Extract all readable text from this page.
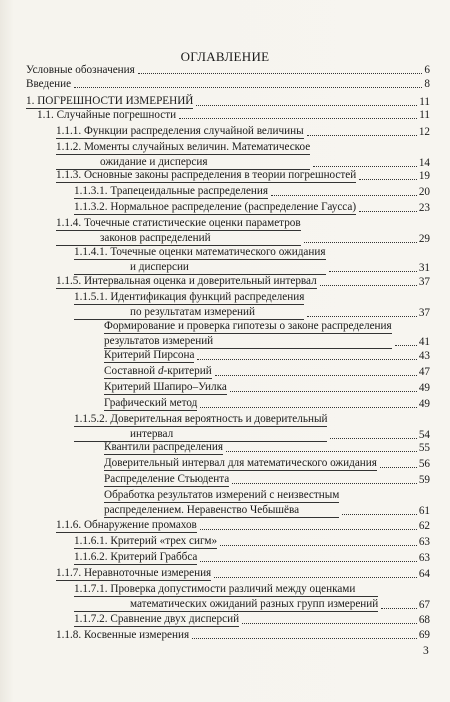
ОГЛАВЛЕНИЕ
Условные обозначения	6
Введение	8
1. ПОГРЕШНОСТИ ИЗМЕРЕНИЙ	11
1.1. Случайные погрешности	11
1.1.1. Функции распределения случайной величины	12
1.1.2. Моменты случайных величин. Математическое
ожидание и дисперсия	14
1.1.3. Основные законы распределения в теории погрешностей	19
1.1.3.1. Трапецеидальные распределения	20
1.1.3.2. Нормальное распределение (распределение Гаусса)	23
1.1.4. Точечные статистические оценки параметров
законов распределений	29
1.1.4.1. Точечные оценки математического ожидания
и дисперсии	31
1.1.5. Интервальная оценка и доверительный интервал	37
1.1.5.1. Идентификация функций распределения
по результатам измерений	37
Формирование и проверка гипотезы о законе распределения
результатов измерений	41
Критерий Пирсона	43
Составной d-критерий	47
Критерий Шапиро–Уилка	49
Графический метод	49
1.1.5.2. Доверительная вероятность и доверительный
интервал	54
Квантили распределения	55
Доверительный интервал для математического ожидания	56
Распределение Стьюдента	59
Обработка результатов измерений с неизвестным
распределением. Неравенство Чебышёва	61
1.1.6. Обнаружение промахов	62
1.1.6.1. Критерий «трех сигм»	63
1.1.6.2. Критерий Граббса	63
1.1.7. Неравноточные измерения	64
1.1.7.1. Проверка допустимости различий между оценками
математических ожиданий разных групп измерений	67
1.1.7.2. Сравнение двух дисперсий	68
1.1.8. Косвенные измерения	69
3
